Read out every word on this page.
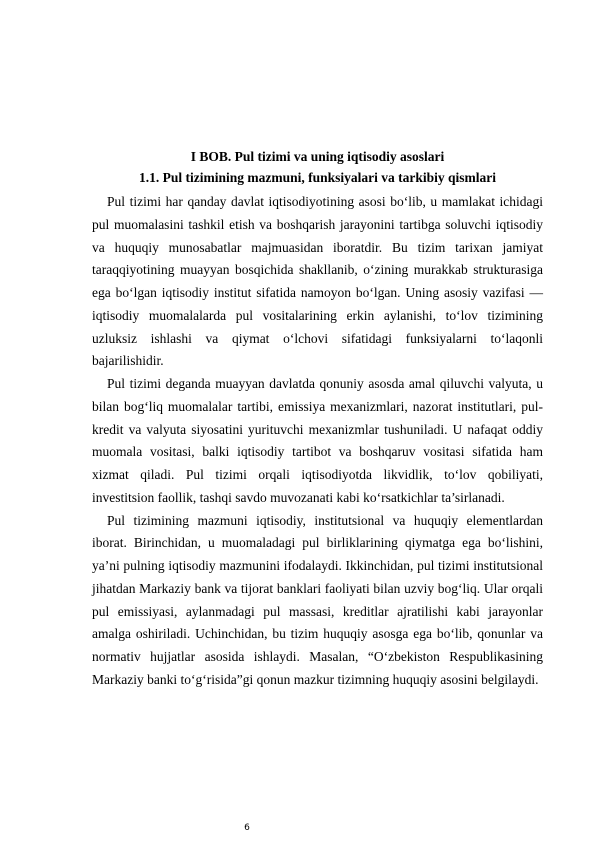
I BOB. Pul tizimi va uning iqtisodiy asoslari
1.1. Pul tizimining mazmuni, funksiyalari va tarkibiy qismlari

Pul tizimi har qanday davlat iqtisodiyotining asosi bo‘lib, u mamlakat ichidagi pul muomalasini tashkil etish va boshqarish jarayonini tartibga soluvchi iqtisodiy va huquqiy munosabatlar majmuasidan iboratdir. Bu tizim tarixan jamiyat taraqqiyotining muayyan bosqichida shakllanib, o‘zining murakkab strukturasiga ega bo‘lgan iqtisodiy institut sifatida namoyon bo‘lgan. Uning asosiy vazifasi — iqtisodiy muomalalarda pul vositalarining erkin aylanishi, to‘lov tizimining uzluksiz ishlashi va qiymat o‘lchovi sifatidagi funksiyalarni to‘laqonli bajarilishidir.

Pul tizimi deganda muayyan davlatda qonuniy asosda amal qiluvchi valyuta, u bilan bog‘liq muomalalar tartibi, emissiya mexanizmlari, nazorat institutlari, pul-kredit va valyuta siyosatini yurituvchi mexanizmlar tushuniladi. U nafaqat oddiy muomala vositasi, balki iqtisodiy tartibot va boshqaruv vositasi sifatida ham xizmat qiladi. Pul tizimi orqali iqtisodiyotda likvidlik, to‘lov qobiliyati, investitsion faollik, tashqi savdo muvozanati kabi ko‘rsatkichlar ta’sirlanadi.

Pul tizimining mazmuni iqtisodiy, institutsional va huquqiy elementlardan iborat. Birinchidan, u muomaladagi pul birliklarining qiymatga ega bo‘lishini, ya’ni pulning iqtisodiy mazmunini ifodalaydi. Ikkinchidan, pul tizimi institutsional jihatdan Markaziy bank va tijorat banklari faoliyati bilan uzviy bog‘liq. Ular orqali pul emissiyasi, aylanmadagi pul massasi, kreditlar ajratilishi kabi jarayonlar amalga oshiriladi. Uchinchidan, bu tizim huquqiy asosga ega bo‘lib, qonunlar va normativ hujjatlar asosida ishlaydi. Masalan, “O‘zbekiston Respublikasining Markaziy banki to‘g‘risida”gi qonun mazkur tizimning huquqiy asosini belgilaydi.

6
